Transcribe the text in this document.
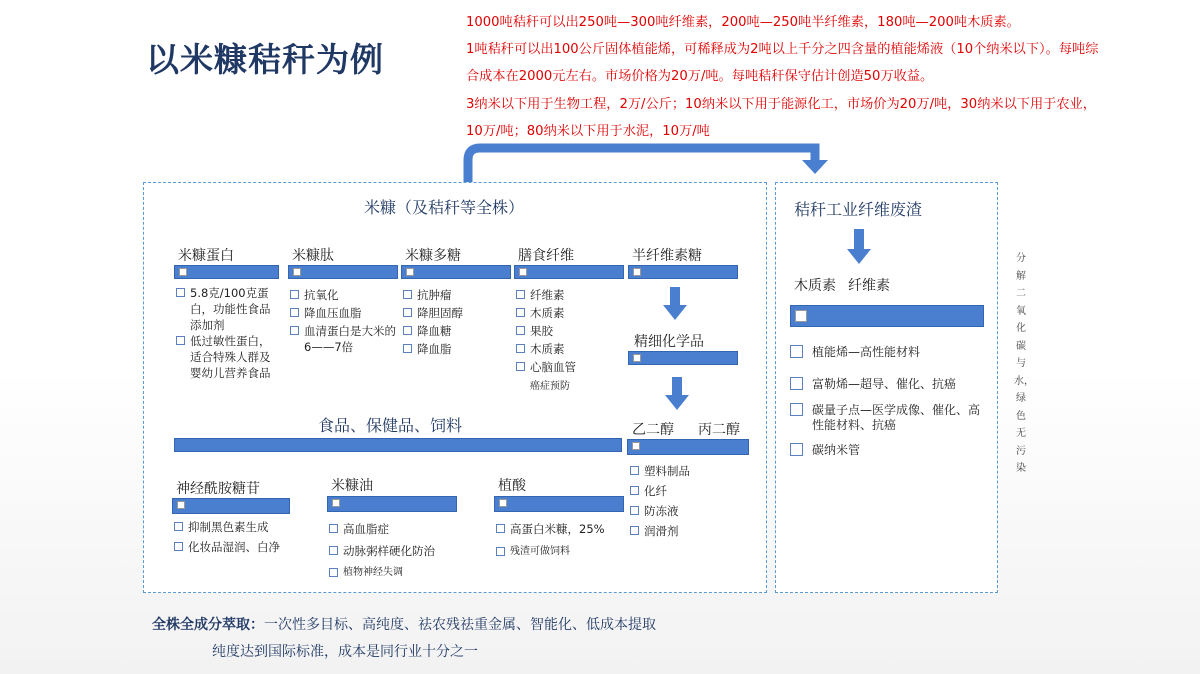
以米糠秸秆为例
1000吨秸秆可以出250吨—300吨纤维素，200吨—250吨半纤维素，180吨—200吨木质素。
1吨秸秆可以出100公斤固体植能烯，可稀释成为2吨以上千分之四含量的植能烯液（10个纳米以下）。每吨综
合成本在2000元左右。市场价格为20万/吨。每吨秸秆保守估计创造50万收益。
3纳米以下用于生物工程，2万/公斤；10纳米以下用于能源化工，市场价为20万/吨，30纳米以下用于农业，
10万/吨；80纳米以下用于水泥，10万/吨
米糠（及秸秆等全株）
米糠蛋白
5.8克/100克蛋白，功能性食品添加剂
低过敏性蛋白，适合特殊人群及婴幼儿营养食品
米糠肽
抗氧化
降血压血脂
血清蛋白是大米的6——7倍
米糠多糖
抗肿瘤
降胆固醇
降血糖
降血脂
膳食纤维
纤维素
木质素
果胶
木质素
心脑血管
癌症预防
半纤维素糖
精细化学品
乙二醇 丙二醇
食品、保健品、饲料
塑料制品
化纤
防冻液
润滑剂
神经酰胺糖苷
抑制黑色素生成
化妆品湿润、白净
米糠油
高血脂症
动脉粥样硬化防治
植物神经失调
植酸
高蛋白米糠，25%
残渣可做饲料
秸秆工业纤维废渣
木质素 纤维素
植能烯—高性能材料
富勒烯—超导、催化、抗癌
碳量子点—医学成像、催化、高性能材料、抗癌
碳纳米管
分解二氧化碳与水，绿色无污染
全株全成分萃取：一次性多目标、高纯度、祛农残祛重金属、智能化、低成本提取
纯度达到国际标准，成本是同行业十分之一
